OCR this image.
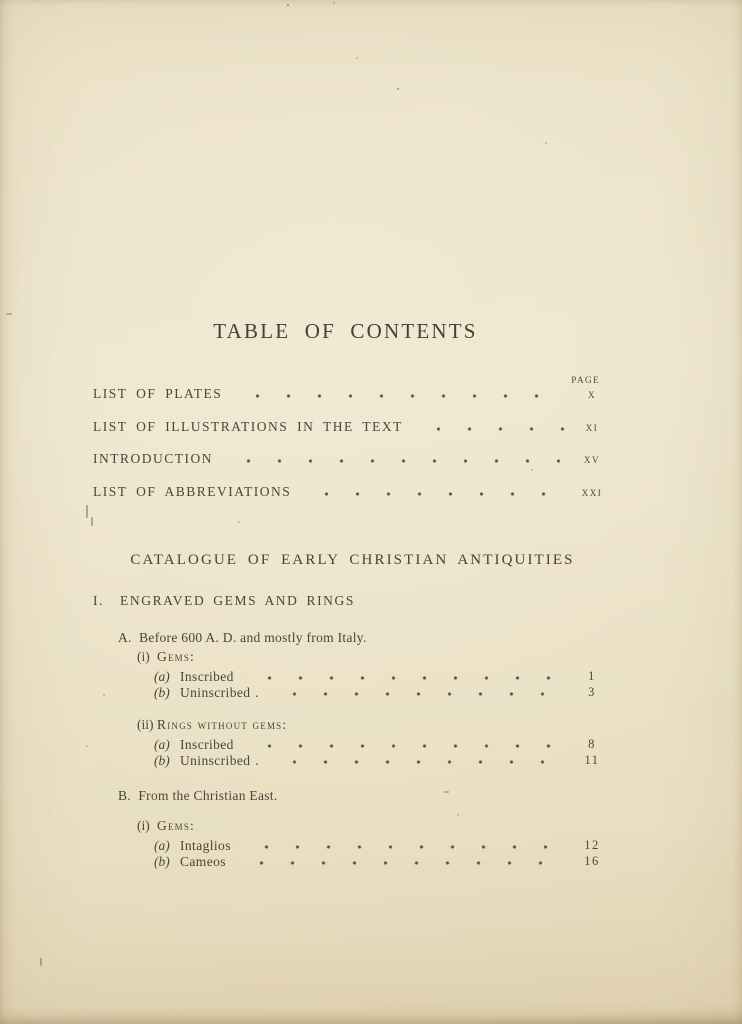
TABLE OF CONTENTS
PAGE
LIST OF PLATES	x
LIST OF ILLUSTRATIONS IN THE TEXT	xi
INTRODUCTION	xv
LIST OF ABBREVIATIONS	xxi
CATALOGUE OF EARLY CHRISTIAN ANTIQUITIES
I. ENGRAVED GEMS AND RINGS
A. Before 600 A. D. and mostly from Italy.
(i) Gems:
(a) Inscribed	1
(b) Uninscribed .	3
(ii) Rings without gems:
(a) Inscribed	8
(b) Uninscribed .	11
B. From the Christian East.
(i) Gems:
(a) Intaglios	12
(b) Cameos	16
